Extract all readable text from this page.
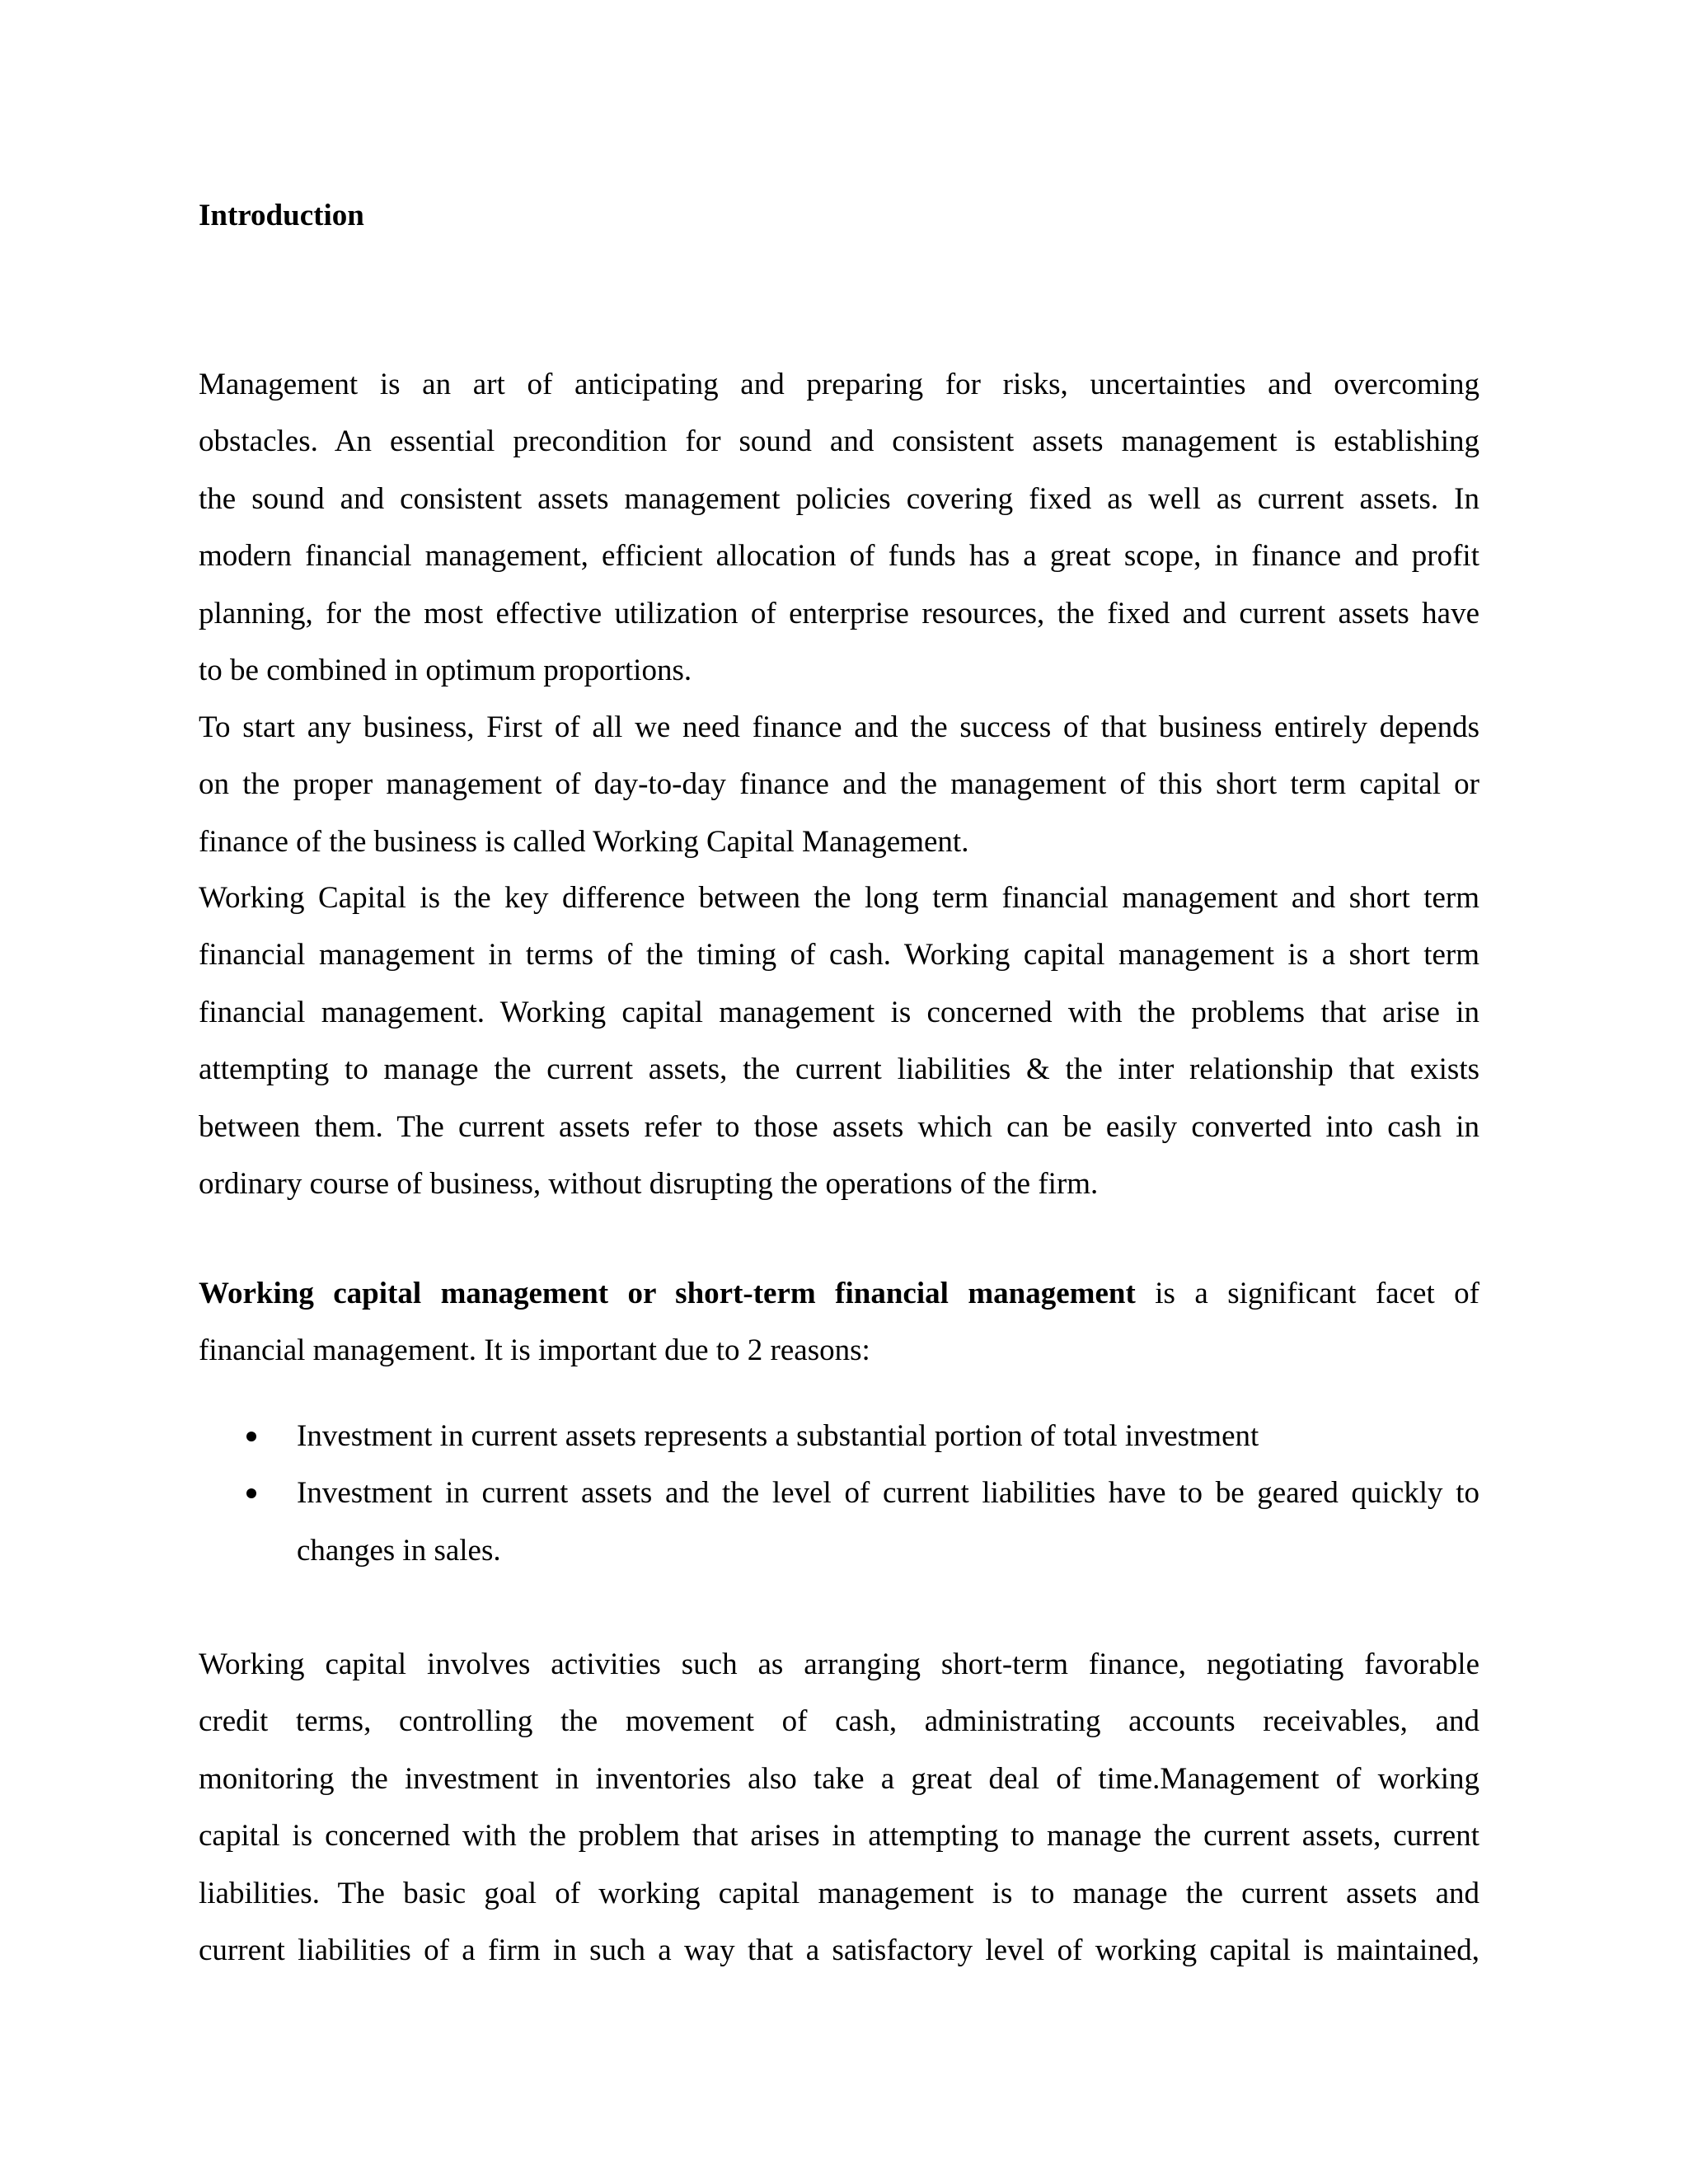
Introduction

Management is an art of anticipating and preparing for risks, uncertainties and overcoming
obstacles. An essential precondition for sound and consistent assets management is establishing
the sound and consistent assets management policies covering fixed as well as current assets. In
modern financial management, efficient allocation of funds has a great scope, in finance and profit
planning, for the most effective utilization of enterprise resources, the fixed and current assets have
to be combined in optimum proportions.

To start any business, First of all we need finance and the success of that business entirely depends
on the proper management of day-to-day finance and the management of this short term capital or
finance of the business is called Working Capital Management.

Working Capital is the key difference between the long term financial management and short term
financial management in terms of the timing of cash. Working capital management is a short term
financial management. Working capital management is concerned with the problems that arise in
attempting to manage the current assets, the current liabilities & the inter relationship that exists
between them. The current assets refer to those assets which can be easily converted into cash in
ordinary course of business, without disrupting the operations of the firm.

Working capital management or short-term financial management is a significant facet of
financial management. It is important due to 2 reasons:

Investment in current assets represents a substantial portion of total investment
Investment in current assets and the level of current liabilities have to be geared quickly to
changes in sales.

Working capital involves activities such as arranging short-term finance, negotiating favorable
credit terms, controlling the movement of cash, administrating accounts receivables, and
monitoring the investment in inventories also take a great deal of time.Management of working
capital is concerned with the problem that arises in attempting to manage the current assets, current
liabilities. The basic goal of working capital management is to manage the current assets and
current liabilities of a firm in such a way that a satisfactory level of working capital is maintained,
